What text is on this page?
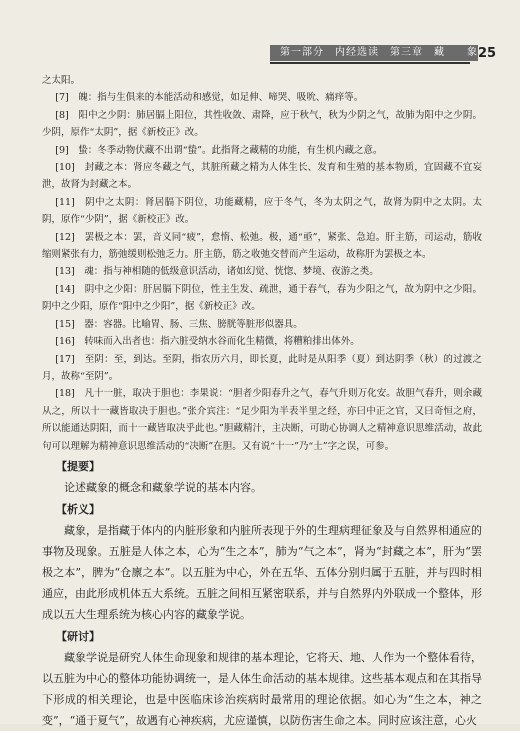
第一部分　内经选读　第三章　藏　　象 25

之太阳。

[7]　魄：指与生俱来的本能活动和感觉，如足伸、啼哭、吸吮、痛痒等。

[8]　阳中之少阴：肺居膈上阳位，其性收敛、肃降，应于秋气，秋为少阴之气，故肺为阳中之少阴。少阴，原作“太阴”，据《新校正》改。

[9]　蛰：冬季动物伏藏不出谓“蛰”。此指肾之藏精的功能，有生机内藏之意。

[10]　封藏之本：肾应冬藏之气，其脏所藏之精为人体生长、发育和生殖的基本物质，宜固藏不宜妄泄，故肾为封藏之本。

[11]　阴中之太阴：肾居膈下阴位，功能藏精，应于冬气，冬为太阴之气，故肾为阴中之太阴。太阴，原作“少阴”，据《新校正》改。

[12]　罢极之本：罢，音义同“疲”，怠惰、松弛。极，通“亟”，紧张、急迫。肝主筋，司运动，筋收缩则紧张有力，筋弛缓则松弛乏力。肝主筋，筋之收弛交替而产生运动，故称肝为罢极之本。

[13]　魂：指与神相随的低级意识活动，诸如幻觉、恍惚、梦境、夜游之类。

[14]　阴中之少阳：肝居膈下阴位，性主生发、疏泄，通于春气，春为少阳之气，故为阴中之少阳。阴中之少阳，原作“阳中之少阳”，据《新校正》改。

[15]　器：容器。比喻胃、肠、三焦、膀胱等脏形似器具。

[16]　转味而入出者也：指六脏受纳水谷而化生精微，将糟粕排出体外。

[17]　至阴：至，到达。至阴，指农历六月，即长夏，此时是从阳季（夏）到达阴季（秋）的过渡之月，故称“至阴”。

[18]　凡十一脏，取决于胆也：李果说：“胆者少阳春升之气，春气升则万化安。故胆气春升，则余藏从之，所以十一藏皆取决于胆也。”张介宾注：“足少阳为半表半里之经，亦曰中正之官，又曰奇恒之府，所以能通达阴阳，而十一藏皆取决乎此也。”胆藏精汁，主决断，可助心协调人之精神意识思维活动，故此句可以理解为精神意识思维活动的“决断”在胆。又有说“十一”乃“土”字之误，可参。

【提要】

论述藏象的概念和藏象学说的基本内容。

【析义】

藏象，是指藏于体内的内脏形象和内脏所表现于外的生理病理征象及与自然界相通应的事物及现象。五脏是人体之本，心为“生之本”，肺为“气之本”，肾为“封藏之本”，肝为“罢极之本”，脾为“仓廪之本”。以五脏为中心，外在五华、五体分别归属于五脏，并与四时相通应，由此形成机体五大系统。五脏之间相互紧密联系，并与自然界内外联成一个整体，形成以五大生理系统为核心内容的藏象学说。

【研讨】

藏象学说是研究人体生命现象和规律的基本理论，它将天、地、人作为一个整体看待，以五脏为中心的整体功能协调统一，是人体生命活动的基本规律。这些基本观点和在其指导下形成的相关理论，也是中医临床诊治疾病时最常用的理论依据。如心为“生之本，神之变”，“通于夏气”，故遇有心神疾病，尤应谨慎，以防伤害生命之本。同时应该注意，心火
